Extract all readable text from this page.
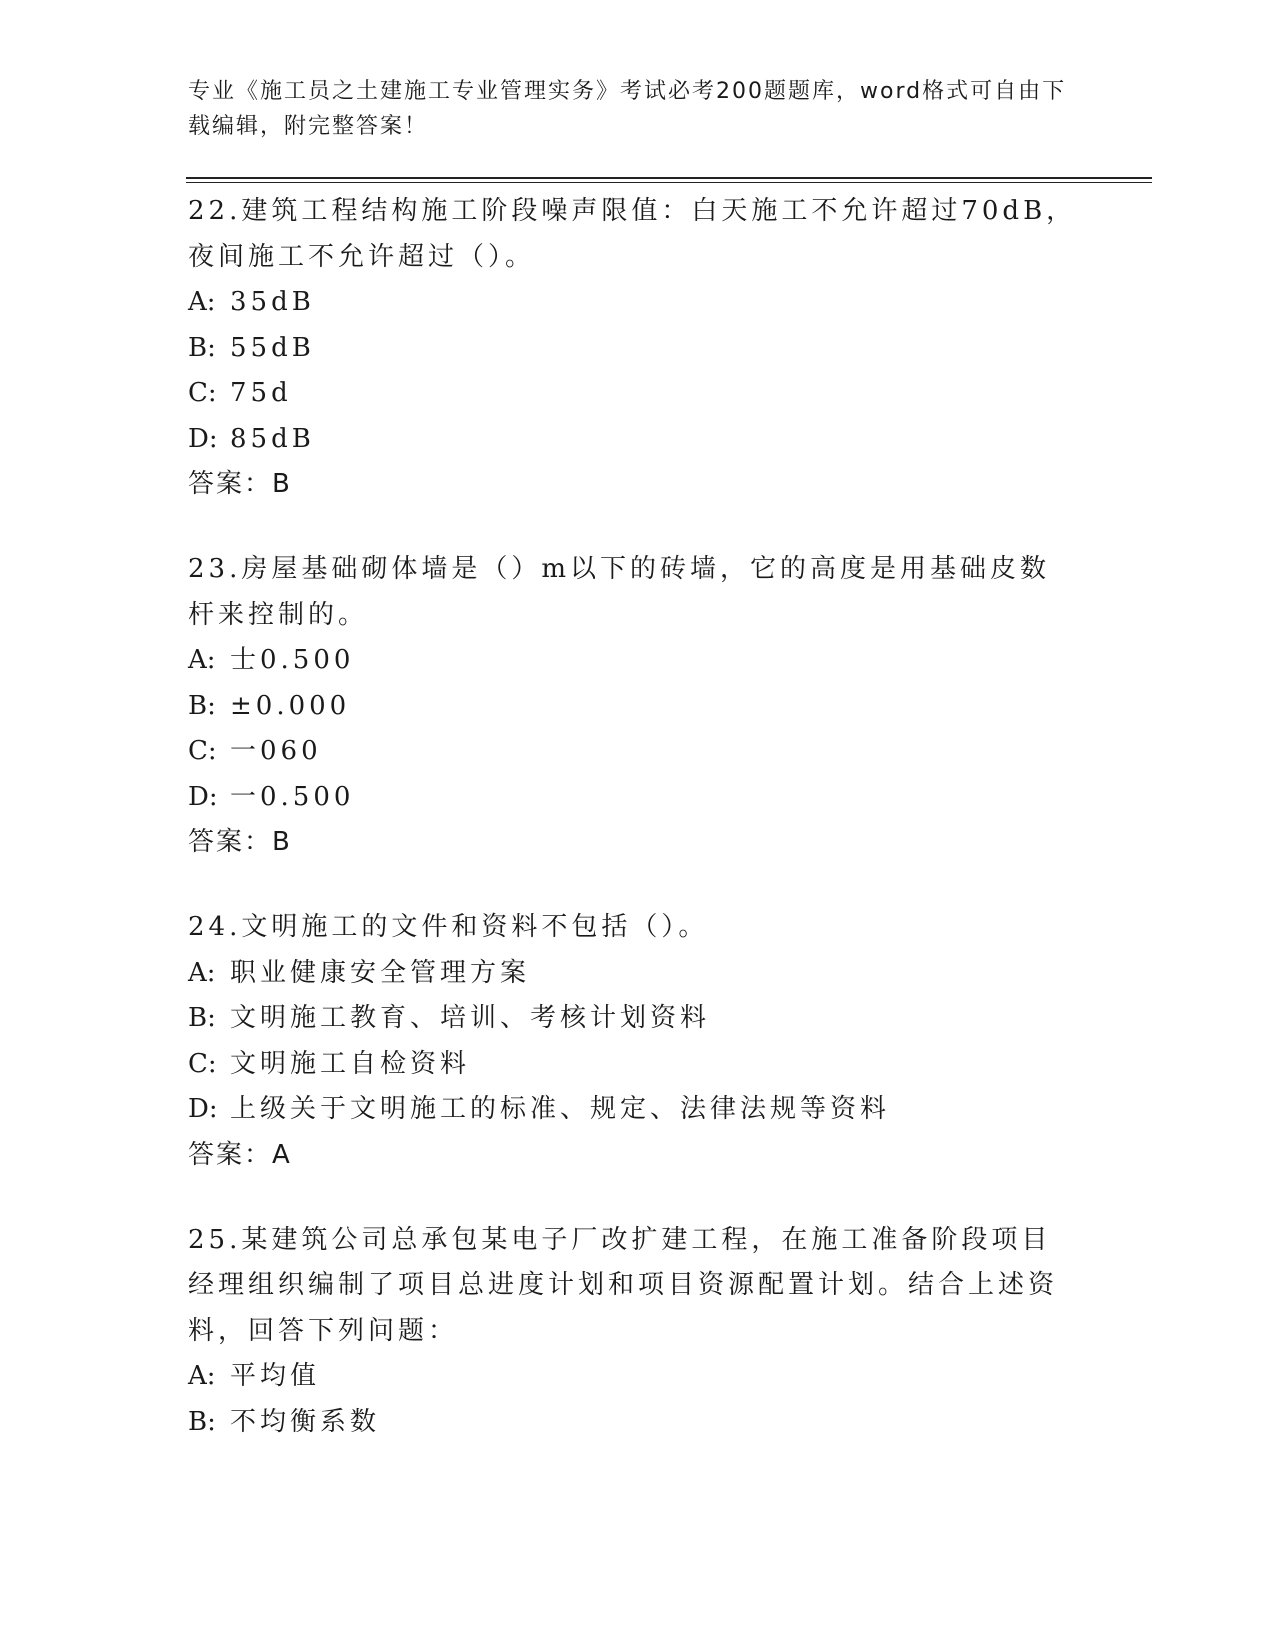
专业《施工员之土建施工专业管理实务》考试必考200题题库，word格式可自由下载编辑，附完整答案！

22.建筑工程结构施工阶段噪声限值：白天施工不允许超过70dB，夜间施工不允许超过（）。

A: 35dB

B: 55dB

C: 75d

D: 85dB

答案：B

23.房屋基础砌体墙是（）m以下的砖墙，它的高度是用基础皮数杆来控制的。

A: 士0.500

B: ±0.000

C: 一060

D: 一0.500

答案：B

24.文明施工的文件和资料不包括（）。

A: 职业健康安全管理方案

B: 文明施工教育、培训、考核计划资料

C: 文明施工自检资料

D: 上级关于文明施工的标准、规定、法律法规等资料

答案：A

25.某建筑公司总承包某电子厂改扩建工程，在施工准备阶段项目经理组织编制了项目总进度计划和项目资源配置计划。结合上述资料，回答下列问题：

A: 平均值

B: 不均衡系数
